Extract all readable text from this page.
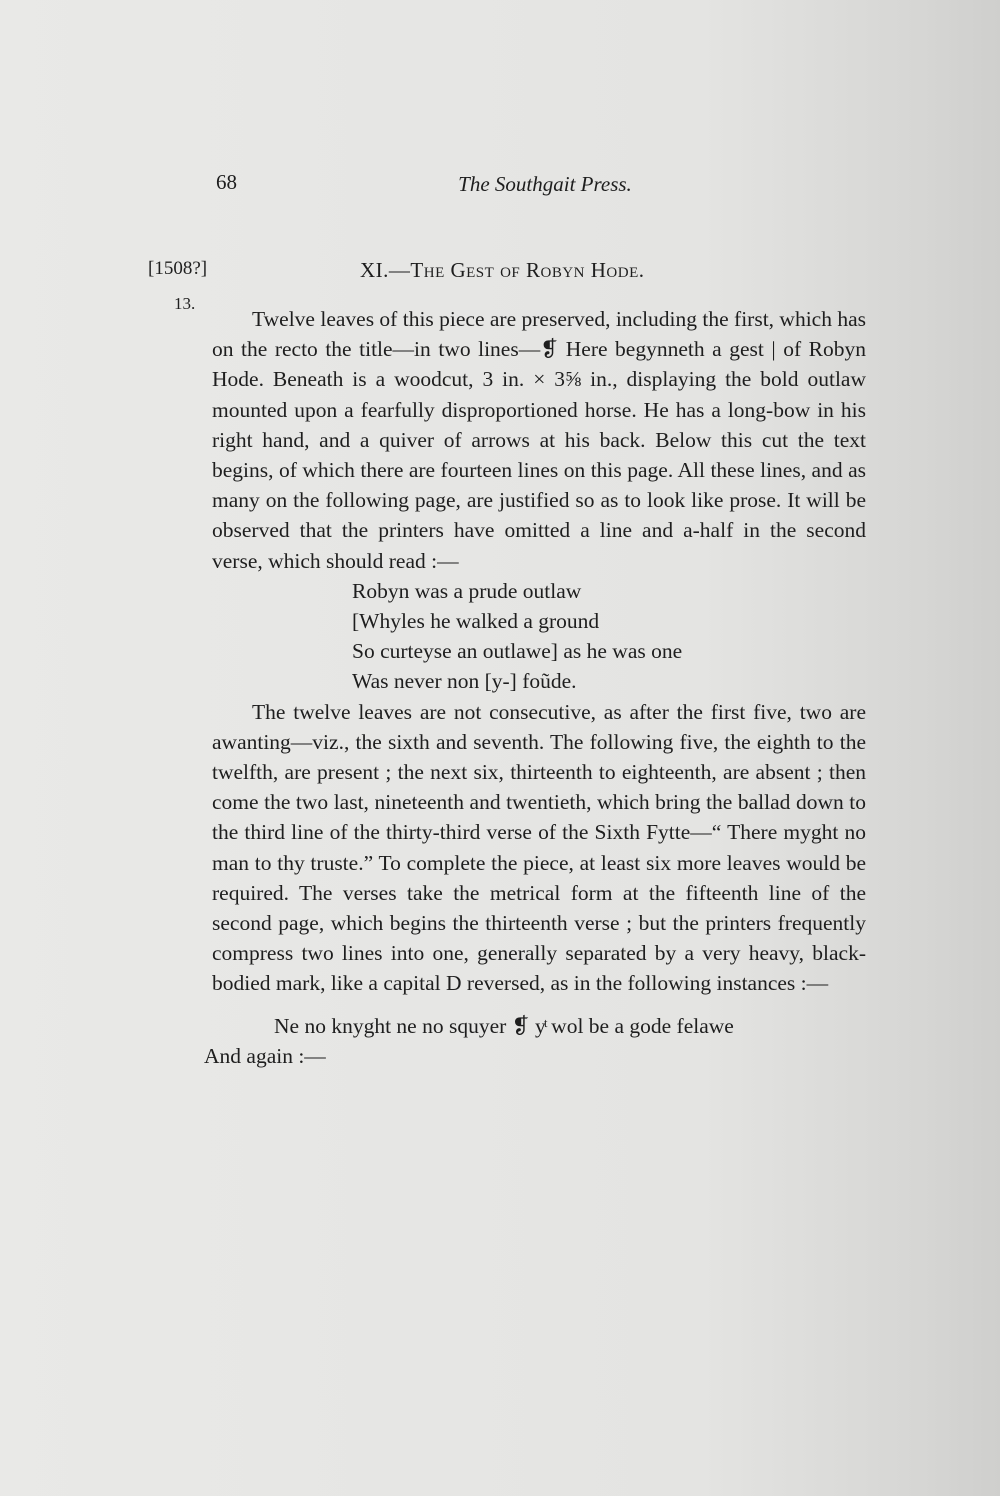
68	The Southgait Press.
[1508?]
13.
XI.—The Gest of Robyn Hode.

Twelve leaves of this piece are preserved, including the first, which has on the recto the title—in two lines—❡ Here begynneth a gest | of Robyn Hode. Beneath is a woodcut, 3 in. × 3⅝ in., displaying the bold outlaw mounted upon a fearfully disproportioned horse. He has a long-bow in his right hand, and a quiver of arrows at his back. Below this cut the text begins, of which there are fourteen lines on this page. All these lines, and as many on the following page, are justified so as to look like prose. It will be observed that the printers have omitted a line and a-half in the second verse, which should read :—

Robyn was a prude outlaw
[Whyles he walked a ground
So curteyse an outlawe] as he was one
Was never non [y-] foũde.

The twelve leaves are not consecutive, as after the first five, two are awanting—viz., the sixth and seventh. The following five, the eighth to the twelfth, are present ; the next six, thirteenth to eighteenth, are absent ; then come the two last, nineteenth and twentieth, which bring the ballad down to the third line of the thirty-third verse of the Sixth Fytte—“ There myght no man to thy truste.” To complete the piece, at least six more leaves would be required. The verses take the metrical form at the fifteenth line of the second page, which begins the thirteenth verse ; but the printers frequently compress two lines into one, generally separated by a very heavy, black-bodied mark, like a capital D reversed, as in the following instances :—

Ne no knyght ne no squyer ❡ yͭ wol be a gode felawe

And again :—
